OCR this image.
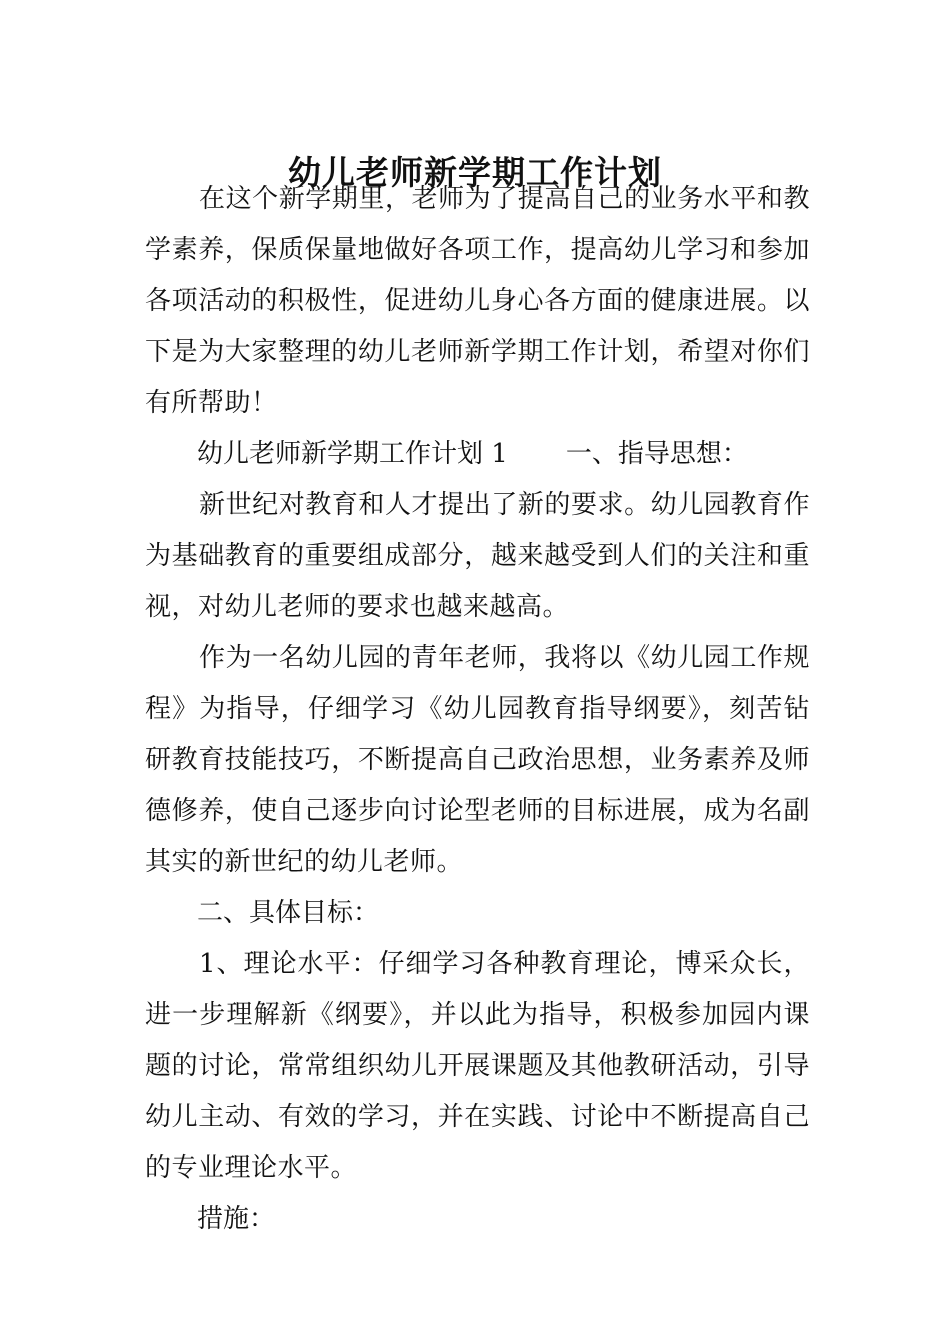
幼儿老师新学期工作计划

在这个新学期里，老师为了提高自己的业务水平和教学素养，保质保量地做好各项工作，提高幼儿学习和参加各项活动的积极性，促进幼儿身心各方面的健康进展。以下是为大家整理的幼儿老师新学期工作计划，希望对你们有所帮助！

幼儿老师新学期工作计划 1 一、指导思想：

新世纪对教育和人才提出了新的要求。幼儿园教育作为基础教育的重要组成部分，越来越受到人们的关注和重视，对幼儿老师的要求也越来越高。

作为一名幼儿园的青年老师，我将以《幼儿园工作规程》为指导，仔细学习《幼儿园教育指导纲要》，刻苦钻研教育技能技巧，不断提高自己政治思想，业务素养及师德修养，使自己逐步向讨论型老师的目标进展，成为名副其实的新世纪的幼儿老师。

二、具体目标：

1、理论水平：仔细学习各种教育理论，博采众长，进一步理解新《纲要》，并以此为指导，积极参加园内课题的讨论，常常组织幼儿开展课题及其他教研活动，引导幼儿主动、有效的学习，并在实践、讨论中不断提高自己的专业理论水平。

措施：
